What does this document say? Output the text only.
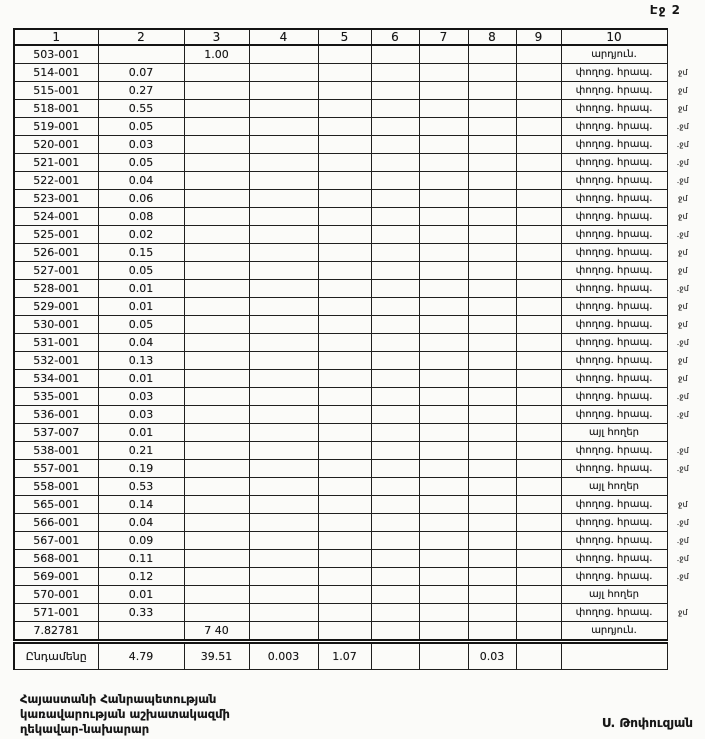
Էջ 2
1	2	3	4	5	6	7	8	9	10	
503-001		1.00							արդյուն.	
514-001	0.07								փողոց. հրապ.	ջմ
515-001	0.27								փողոց. հրապ.	ջմ
518-001	0.55								փողոց. հրապ.	ջմ
519-001	0.05								փողոց. հրապ.	.ջմ
520-001	0.03								փողոց. հրապ.	.ջմ
521-001	0.05								փողոց. հրապ.	.ջմ
522-001	0.04								փողոց. հրապ.	.ջմ
523-001	0.06								փողոց. հրապ.	ջմ
524-001	0.08								փողոց. հրապ.	ջմ
525-001	0.02								փողոց. հրապ.	.ջմ
526-001	0.15								փողոց. հրապ.	ջմ
527-001	0.05								փողոց. հրապ.	ջմ
528-001	0.01								փողոց. հրապ.	.ջմ
529-001	0.01								փողոց. հրապ.	ջմ
530-001	0.05								փողոց. հրապ.	ջմ
531-001	0.04								փողոց. հրապ.	.ջմ
532-001	0.13								փողոց. հրապ.	ջմ
534-001	0.01								փողոց. հրապ.	ջմ
535-001	0.03								փողոց. հրապ.	.ջմ
536-001	0.03								փողոց. հրապ.	.ջմ
537-007	0.01								այլ հողեր	
538-001	0.21								փողոց. հրապ.	.ջմ
557-001	0.19								փողոց. հրապ.	.ջմ
558-001	0.53								այլ հողեր	
565-001	0.14								փողոց. հրապ.	ջմ
566-001	0.04								փողոց. հրապ.	.ջմ
567-001	0.09								փողոց. հրապ.	.ջմ
568-001	0.11								փողոց. հրապ.	.ջմ
569-001	0.12								փողոց. հրապ.	.ջմ
570-001	0.01								այլ հողեր	
571-001	0.33								փողոց. հրապ.	ջմ
7.82781		7 40							արդյուն.	
Ընդամենը	4.79	39.51	0.003	1.07			0.03			
Հայաստանի Հանրապետության
կառավարության աշխատակազմի
ղեկավար-նախարար	Ս. Թոփուզյան
